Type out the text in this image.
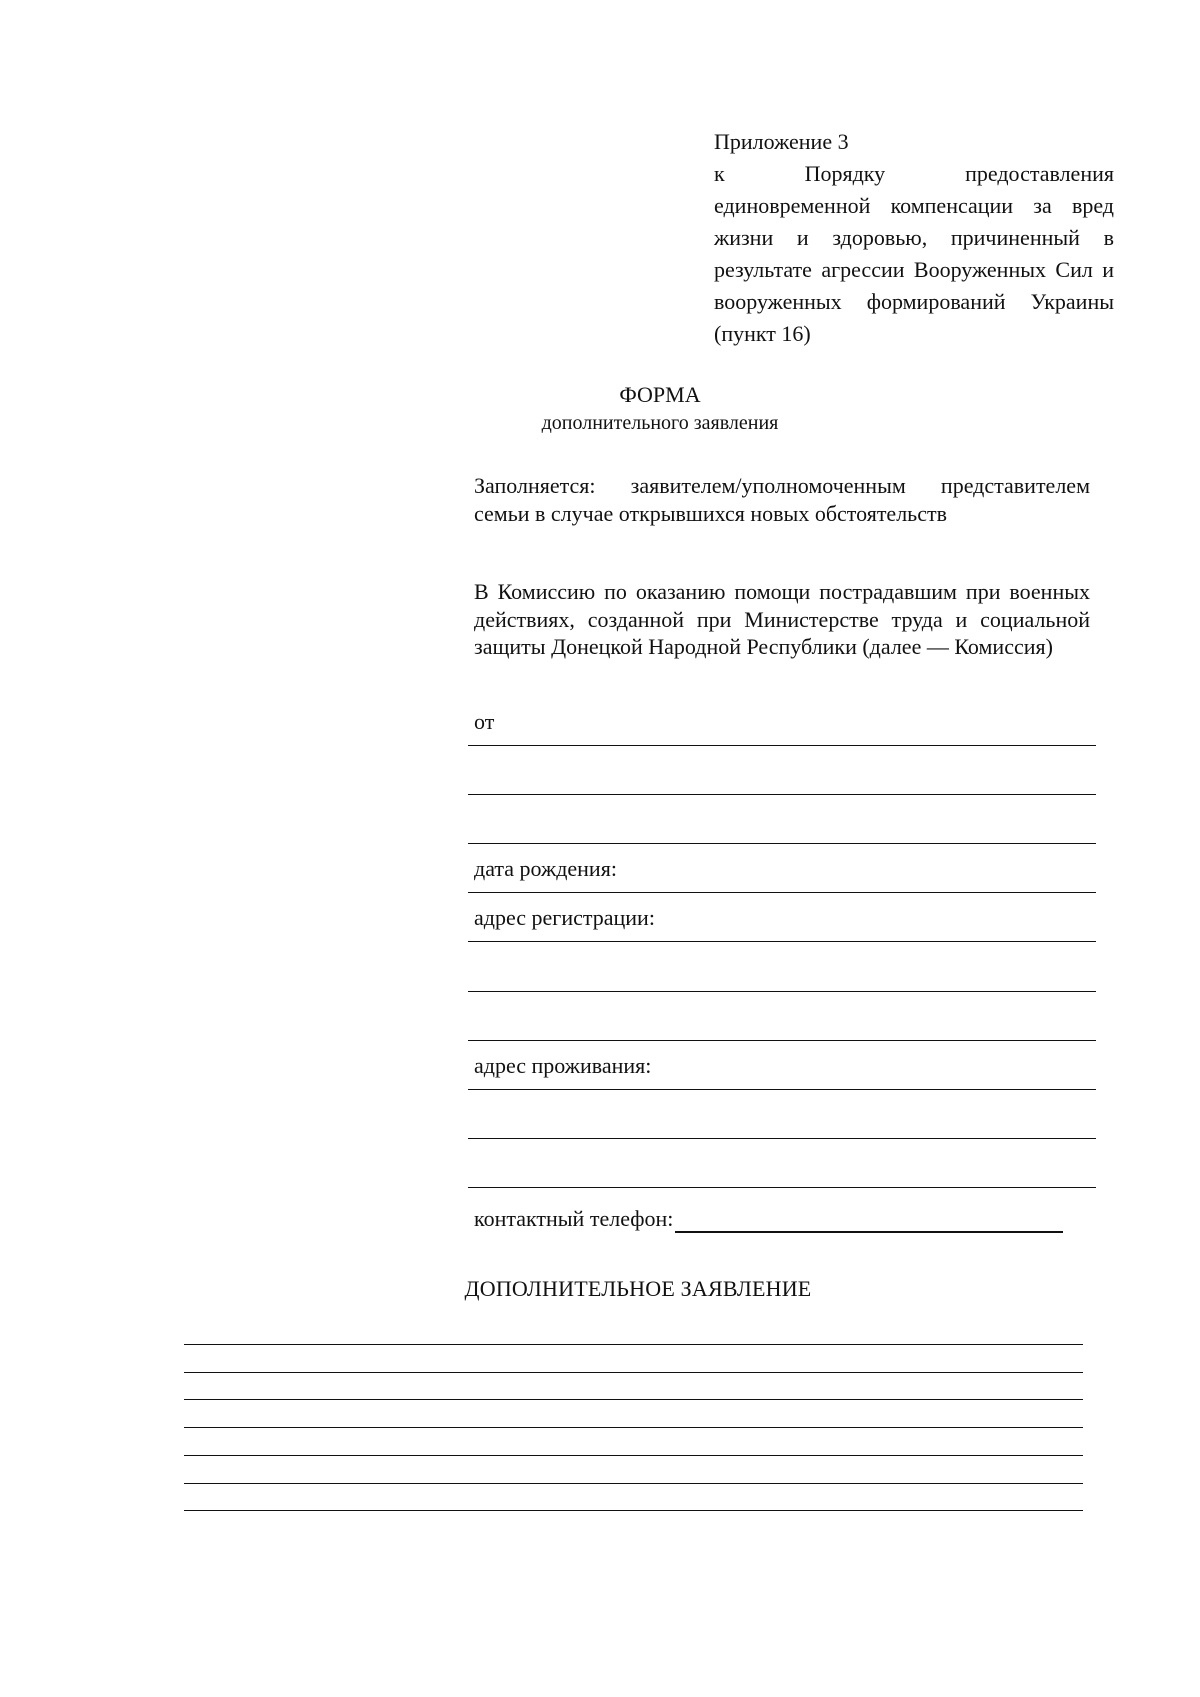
Приложение 3
к Порядку предоставления единовременной компенсации за вред жизни и здоровью, причиненный в результате агрессии Вооруженных Сил и вооруженных формирований Украины (пункт 16)
ФОРМА
дополнительного заявления
Заполняется: заявителем/уполномоченным представителем семьи в случае открывшихся новых обстоятельств
В Комиссию по оказанию помощи пострадавшим при военных действиях, созданной при Министерстве труда и социальной защиты Донецкой Народной Республики (далее — Комиссия)
от
дата рождения:
адрес регистрации:
адрес проживания:
контактный телефон:
ДОПОЛНИТЕЛЬНОЕ ЗАЯВЛЕНИЕ
